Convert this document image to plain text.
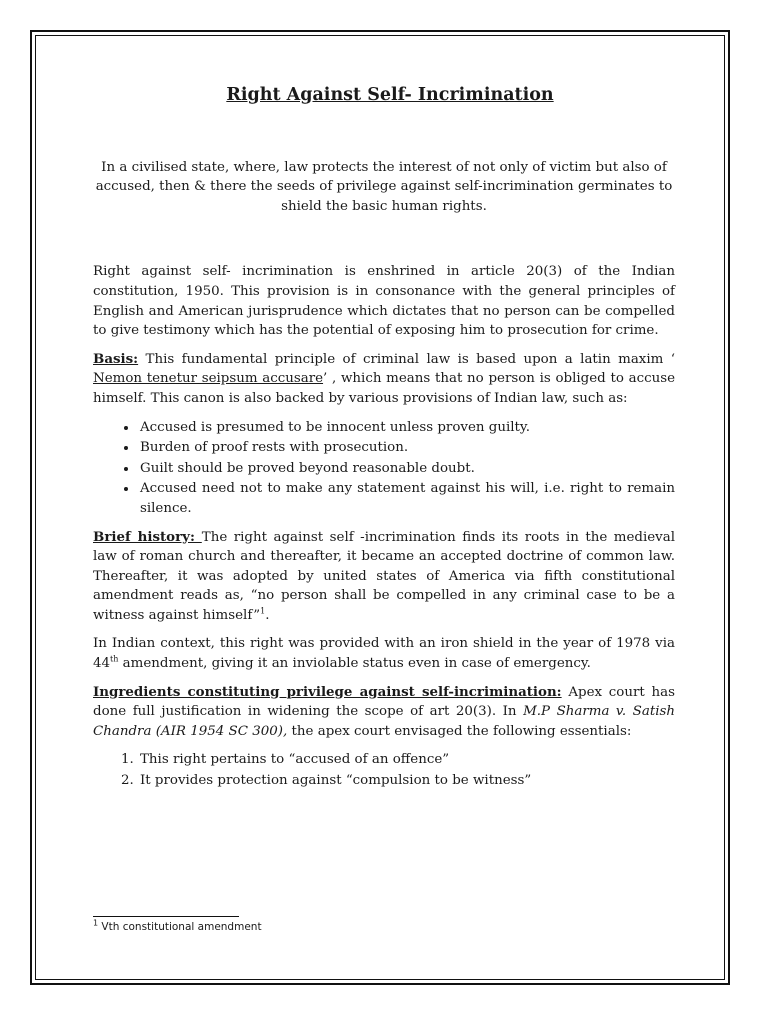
Right Against Self- Incrimination

In a civilised state, where, law protects the interest of not only of victim but also of accused, then & there the seeds of privilege against self-incrimination germinates to shield the basic human rights.

Right against self- incrimination is enshrined in article 20(3) of the Indian constitution, 1950. This provision is in consonance with the general principles of English and American jurisprudence which dictates that no person can be compelled to give testimony which has the potential of exposing him to prosecution for crime.

Basis: This fundamental principle of criminal law is based upon a latin maxim ‘ Nemon tenetur seipsum accusare’ , which means that no person is obliged to accuse himself. This canon is also backed by various provisions of Indian law, such as:

• Accused is presumed to be innocent unless proven guilty.
• Burden of proof rests with prosecution.
• Guilt should be proved beyond reasonable doubt.
• Accused need not to make any statement against his will, i.e. right to remain silence.

Brief history: The right against self -incrimination finds its roots in the medieval law of roman church and thereafter, it became an accepted doctrine of common law. Thereafter, it was adopted by united states of America via fifth constitutional amendment reads as, “no person shall be compelled in any criminal case to be a witness against himself”$^1$.

In Indian context, this right was provided with an iron shield in the year of 1978 via 44th amendment, giving it an inviolable status even in case of emergency.

Ingredients constituting privilege against self-incrimination: Apex court has done full justification in widening the scope of art 20(3). In M.P Sharma v. Satish Chandra (AIR 1954 SC 300), the apex court envisaged the following essentials:

1. This right pertains to “accused of an offence”
2. It provides protection against “compulsion to be witness”
$^1$ Vth constitutional amendment
